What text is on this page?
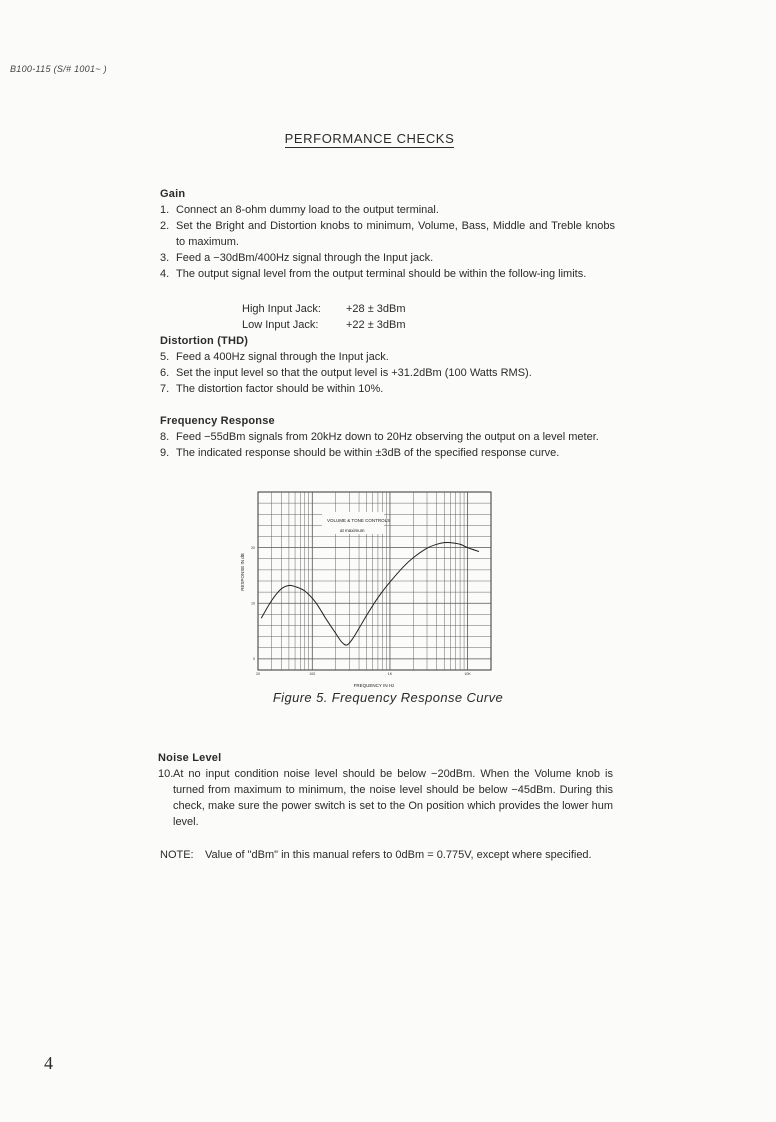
B100-115 (S/# 1001~ )
PERFORMANCE CHECKS
Gain
1. Connect an 8-ohm dummy load to the output terminal.
2. Set the Bright and Distortion knobs to minimum, Volume, Bass, Middle and Treble knobs to maximum.
3. Feed a −30dBm/400Hz signal through the Input jack.
4. The output signal level from the output terminal should be within the follow-ing limits.
High Input Jack:	+28 ± 3dBm
Low Input Jack:	+22 ± 3dBm
Distortion (THD)
5. Feed a 400Hz signal through the Input jack.
6. Set the input level so that the output level is +31.2dBm (100 Watts RMS).
7. The distortion factor should be within 10%.
Frequency Response
8. Feed −55dBm signals from 20kHz down to 20Hz observing the output on a level meter.
9. The indicated response should be within ±3dB of the specified response curve.
20	100	1K	10K
0
10
20
VOLUME & TONE CONTROLS
at maximum
FREQUENCY IN Hz
RESPONSE IN dB
Figure 5. Frequency Response Curve
Noise Level
10. At no input condition noise level should be below −20dBm. When the Volume knob is turned from maximum to minimum, the noise level should be below −45dBm. During this check, make sure the power switch is set to the On position which provides the lower hum level.
NOTE:	Value of "dBm" in this manual refers to 0dBm = 0.775V, except where specified.
4
